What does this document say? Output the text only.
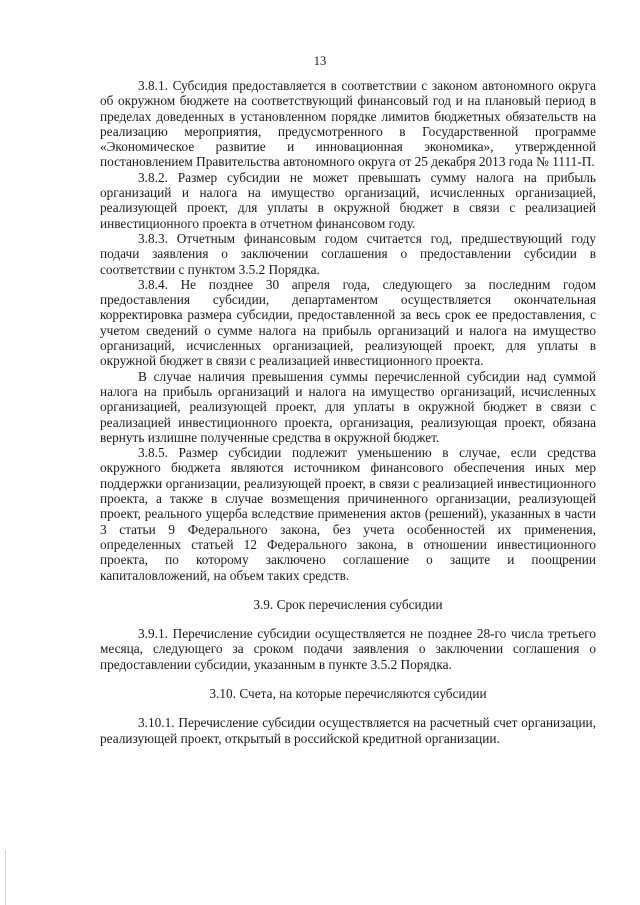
13

3.8.1. Субсидия предоставляется в соответствии с законом автономного округа об окружном бюджете на соответствующий финансовый год и на плановый период в пределах доведенных в установленном порядке лимитов бюджетных обязательств на реализацию мероприятия, предусмотренного в Государственной программе «Экономическое развитие и инновационная экономика», утвержденной постановлением Правительства автономного округа от 25 декабря 2013 года № 1111-П.

3.8.2. Размер субсидии не может превышать сумму налога на прибыль организаций и налога на имущество организаций, исчисленных организацией, реализующей проект, для уплаты в окружной бюджет в связи с реализацией инвестиционного проекта в отчетном финансовом году.

3.8.3. Отчетным финансовым годом считается год, предшествующий году подачи заявления о заключении соглашения о предоставлении субсидии в соответствии с пунктом 3.5.2 Порядка.

3.8.4. Не позднее 30 апреля года, следующего за последним годом предоставления субсидии, департаментом осуществляется окончательная корректировка размера субсидии, предоставленной за весь срок ее предоставления, с учетом сведений о сумме налога на прибыль организаций и налога на имущество организаций, исчисленных организацией, реализующей проект, для уплаты в окружной бюджет в связи с реализацией инвестиционного проекта.

В случае наличия превышения суммы перечисленной субсидии над суммой налога на прибыль организаций и налога на имущество организаций, исчисленных организацией, реализующей проект, для уплаты в окружной бюджет в связи с реализацией инвестиционного проекта, организация, реализующая проект, обязана вернуть излишне полученные средства в окружной бюджет.

3.8.5. Размер субсидии подлежит уменьшению в случае, если средства окружного бюджета являются источником финансового обеспечения иных мер поддержки организации, реализующей проект, в связи с реализацией инвестиционного проекта, а также в случае возмещения причиненного организации, реализующей проект, реального ущерба вследствие применения актов (решений), указанных в части 3 статьи 9 Федерального закона, без учета особенностей их применения, определенных статьей 12 Федерального закона, в отношении инвестиционного проекта, по которому заключено соглашение о защите и поощрении капиталовложений, на объем таких средств.

3.9. Срок перечисления субсидии

3.9.1. Перечисление субсидии осуществляется не позднее 28-го числа третьего месяца, следующего за сроком подачи заявления о заключении соглашения о предоставлении субсидии, указанным в пункте 3.5.2 Порядка.

3.10. Счета, на которые перечисляются субсидии

3.10.1. Перечисление субсидии осуществляется на расчетный счет организации, реализующей проект, открытый в российской кредитной организации.
